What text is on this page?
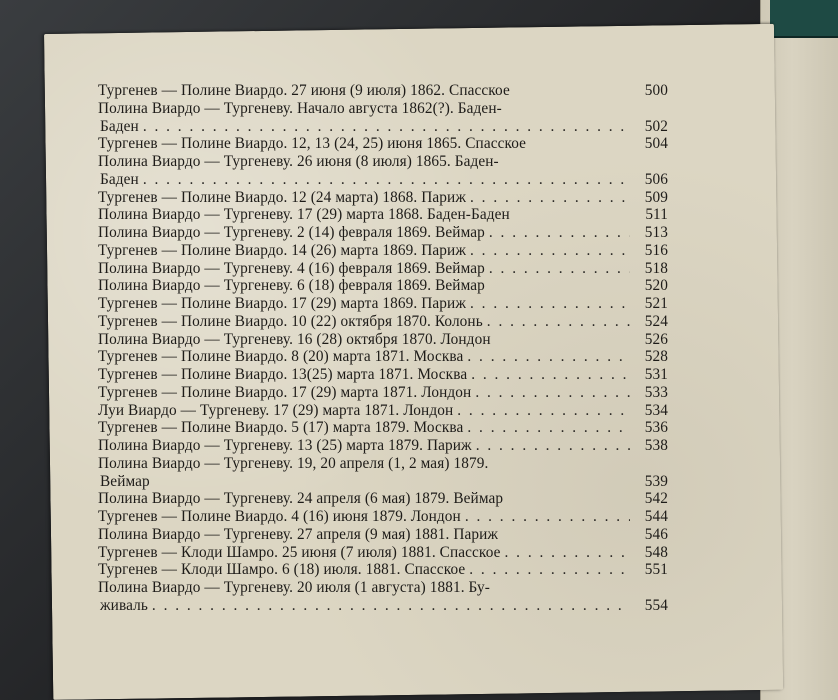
Тургенев — Полине Виардо. 27 июня (9 июля) 1862. Спасское	500
Полина Виардо — Тургеневу. Начало августа 1862(?). Баден-
Баден . . .	502
Тургенев — Полине Виардо. 12, 13 (24, 25) июня 1865. Спасское	504
Полина Виардо — Тургеневу. 26 июня (8 июля) 1865. Баден-
Баден . . .	506
Тургенев — Полине Виардо. 12 (24 марта) 1868. Париж . . .	509
Полина Виардо — Тургеневу. 17 (29) марта 1868. Баден-Баден	511
Полина Виардо — Тургеневу. 2 (14) февраля 1869. Веймар . . .	513
Тургенев — Полине Виардо. 14 (26) марта 1869. Париж . . .	516
Полина Виардо — Тургеневу. 4 (16) февраля 1869. Веймар . . .	518
Полина Виардо — Тургеневу. 6 (18) февраля 1869. Веймар	520
Тургенев — Полине Виардо. 17 (29) марта 1869. Париж . . .	521
Тургенев — Полине Виардо. 10 (22) октября 1870. Колонь . . .	524
Полина Виардо — Тургеневу. 16 (28) октября 1870. Лондон	526
Тургенев — Полине Виардо. 8 (20) марта 1871. Москва . . .	528
Тургенев — Полине Виардо. 13(25) марта 1871. Москва . . .	531
Тургенев — Полине Виардо. 17 (29) марта 1871. Лондон . . .	533
Луи Виардо — Тургеневу. 17 (29) марта 1871. Лондон . . .	534
Тургенев — Полине Виардо. 5 (17) марта 1879. Москва . . .	536
Полина Виардо — Тургеневу. 13 (25) марта 1879. Париж . . .	538
Полина Виардо — Тургеневу. 19, 20 апреля (1, 2 мая) 1879.
Веймар	539
Полина Виардо — Тургеневу. 24 апреля (6 мая) 1879. Веймар	542
Тургенев — Полине Виардо. 4 (16) июня 1879. Лондон . . .	544
Полина Виардо — Тургеневу. 27 апреля (9 мая) 1881. Париж	546
Тургенев — Клоди Шамро. 25 июня (7 июля) 1881. Спасское . . .	548
Тургенев — Клоди Шамро. 6 (18) июля. 1881. Спасское . . .	551
Полина Виардо — Тургеневу. 20 июля (1 августа) 1881. Бу-
живаль . . .	554
